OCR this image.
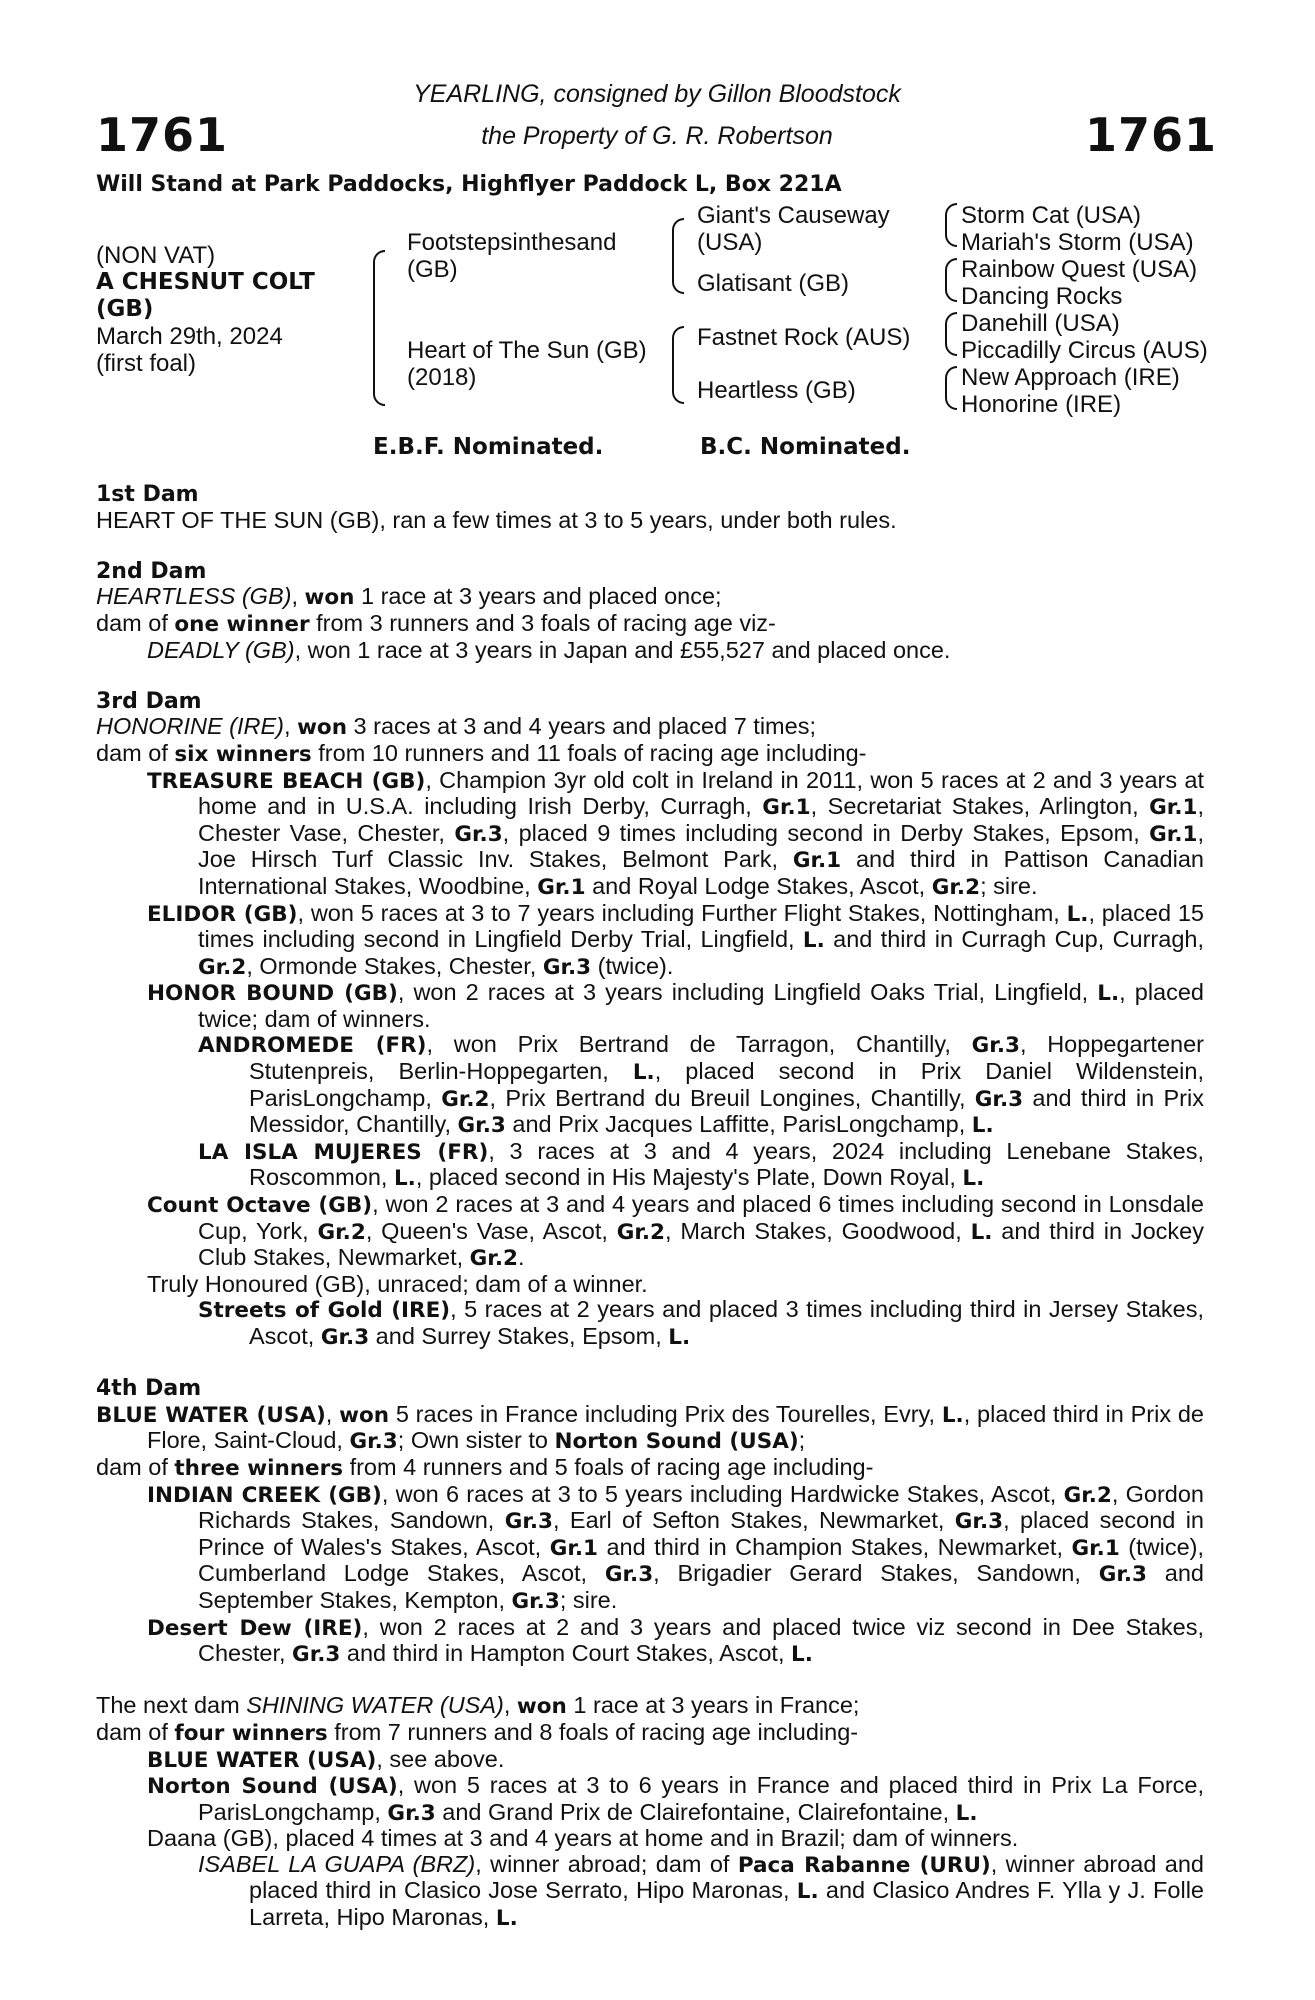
1761	1761
YEARLING, consigned by Gillon Bloodstock
the Property of G. R. Robertson
Will Stand at Park Paddocks, Highflyer Paddock L, Box 221A
(NON VAT)
A CHESNUT COLT
(GB)
March 29th, 2024
(first foal)
Footstepsinthesand
(GB)
Heart of The Sun (GB)
(2018)
Giant's Causeway
(USA)
Glatisant (GB)
Fastnet Rock (AUS)
Heartless (GB)
Storm Cat (USA)
Mariah's Storm (USA)
Rainbow Quest (USA)
Dancing Rocks
Danehill (USA)
Piccadilly Circus (AUS)
New Approach (IRE)
Honorine (IRE)
E.B.F. Nominated.	B.C. Nominated.

1st Dam

HEART OF THE SUN (GB), ran a few times at 3 to 5 years, under both rules.

2nd Dam

HEARTLESS (GB), won 1 race at 3 years and placed once;

dam of one winner from 3 runners and 3 foals of racing age viz-

DEADLY (GB), won 1 race at 3 years in Japan and £55,527 and placed once.

3rd Dam

HONORINE (IRE), won 3 races at 3 and 4 years and placed 7 times;

dam of six winners from 10 runners and 11 foals of racing age including-

TREASURE BEACH (GB), Champion 3yr old colt in Ireland in 2011, won 5 races at 2 and 3 years at home and in U.S.A. including Irish Derby, Curragh, Gr.1, Secretariat Stakes, Arlington, Gr.1, Chester Vase, Chester, Gr.3, placed 9 times including second in Derby Stakes, Epsom, Gr.1, Joe Hirsch Turf Classic Inv. Stakes, Belmont Park, Gr.1 and third in Pattison Canadian International Stakes, Woodbine, Gr.1 and Royal Lodge Stakes, Ascot, Gr.2; sire.

ELIDOR (GB), won 5 races at 3 to 7 years including Further Flight Stakes, Nottingham, L., placed 15 times including second in Lingfield Derby Trial, Lingfield, L. and third in Curragh Cup, Curragh, Gr.2, Ormonde Stakes, Chester, Gr.3 (twice).

HONOR BOUND (GB), won 2 races at 3 years including Lingfield Oaks Trial, Lingfield, L., placed twice; dam of winners.

ANDROMEDE (FR), won Prix Bertrand de Tarragon, Chantilly, Gr.3, Hoppegartener Stutenpreis, Berlin-Hoppegarten, L., placed second in Prix Daniel Wildenstein, ParisLongchamp, Gr.2, Prix Bertrand du Breuil Longines, Chantilly, Gr.3 and third in Prix Messidor, Chantilly, Gr.3 and Prix Jacques Laffitte, ParisLongchamp, L.

LA ISLA MUJERES (FR), 3 races at 3 and 4 years, 2024 including Lenebane Stakes, Roscommon, L., placed second in His Majesty's Plate, Down Royal, L.

Count Octave (GB), won 2 races at 3 and 4 years and placed 6 times including second in Lonsdale Cup, York, Gr.2, Queen's Vase, Ascot, Gr.2, March Stakes, Goodwood, L. and third in Jockey Club Stakes, Newmarket, Gr.2.

Truly Honoured (GB), unraced; dam of a winner.

Streets of Gold (IRE), 5 races at 2 years and placed 3 times including third in Jersey Stakes, Ascot, Gr.3 and Surrey Stakes, Epsom, L.

4th Dam

BLUE WATER (USA), won 5 races in France including Prix des Tourelles, Evry, L., placed third in Prix de Flore, Saint-Cloud, Gr.3; Own sister to Norton Sound (USA);

dam of three winners from 4 runners and 5 foals of racing age including-

INDIAN CREEK (GB), won 6 races at 3 to 5 years including Hardwicke Stakes, Ascot, Gr.2, Gordon Richards Stakes, Sandown, Gr.3, Earl of Sefton Stakes, Newmarket, Gr.3, placed second in Prince of Wales's Stakes, Ascot, Gr.1 and third in Champion Stakes, Newmarket, Gr.1 (twice), Cumberland Lodge Stakes, Ascot, Gr.3, Brigadier Gerard Stakes, Sandown, Gr.3 and September Stakes, Kempton, Gr.3; sire.

Desert Dew (IRE), won 2 races at 2 and 3 years and placed twice viz second in Dee Stakes, Chester, Gr.3 and third in Hampton Court Stakes, Ascot, L.

The next dam SHINING WATER (USA), won 1 race at 3 years in France;

dam of four winners from 7 runners and 8 foals of racing age including-

BLUE WATER (USA), see above.

Norton Sound (USA), won 5 races at 3 to 6 years in France and placed third in Prix La Force, ParisLongchamp, Gr.3 and Grand Prix de Clairefontaine, Clairefontaine, L.

Daana (GB), placed 4 times at 3 and 4 years at home and in Brazil; dam of winners.

ISABEL LA GUAPA (BRZ), winner abroad; dam of Paca Rabanne (URU), winner abroad and placed third in Clasico Jose Serrato, Hipo Maronas, L. and Clasico Andres F. Ylla y J. Folle Larreta, Hipo Maronas, L.
